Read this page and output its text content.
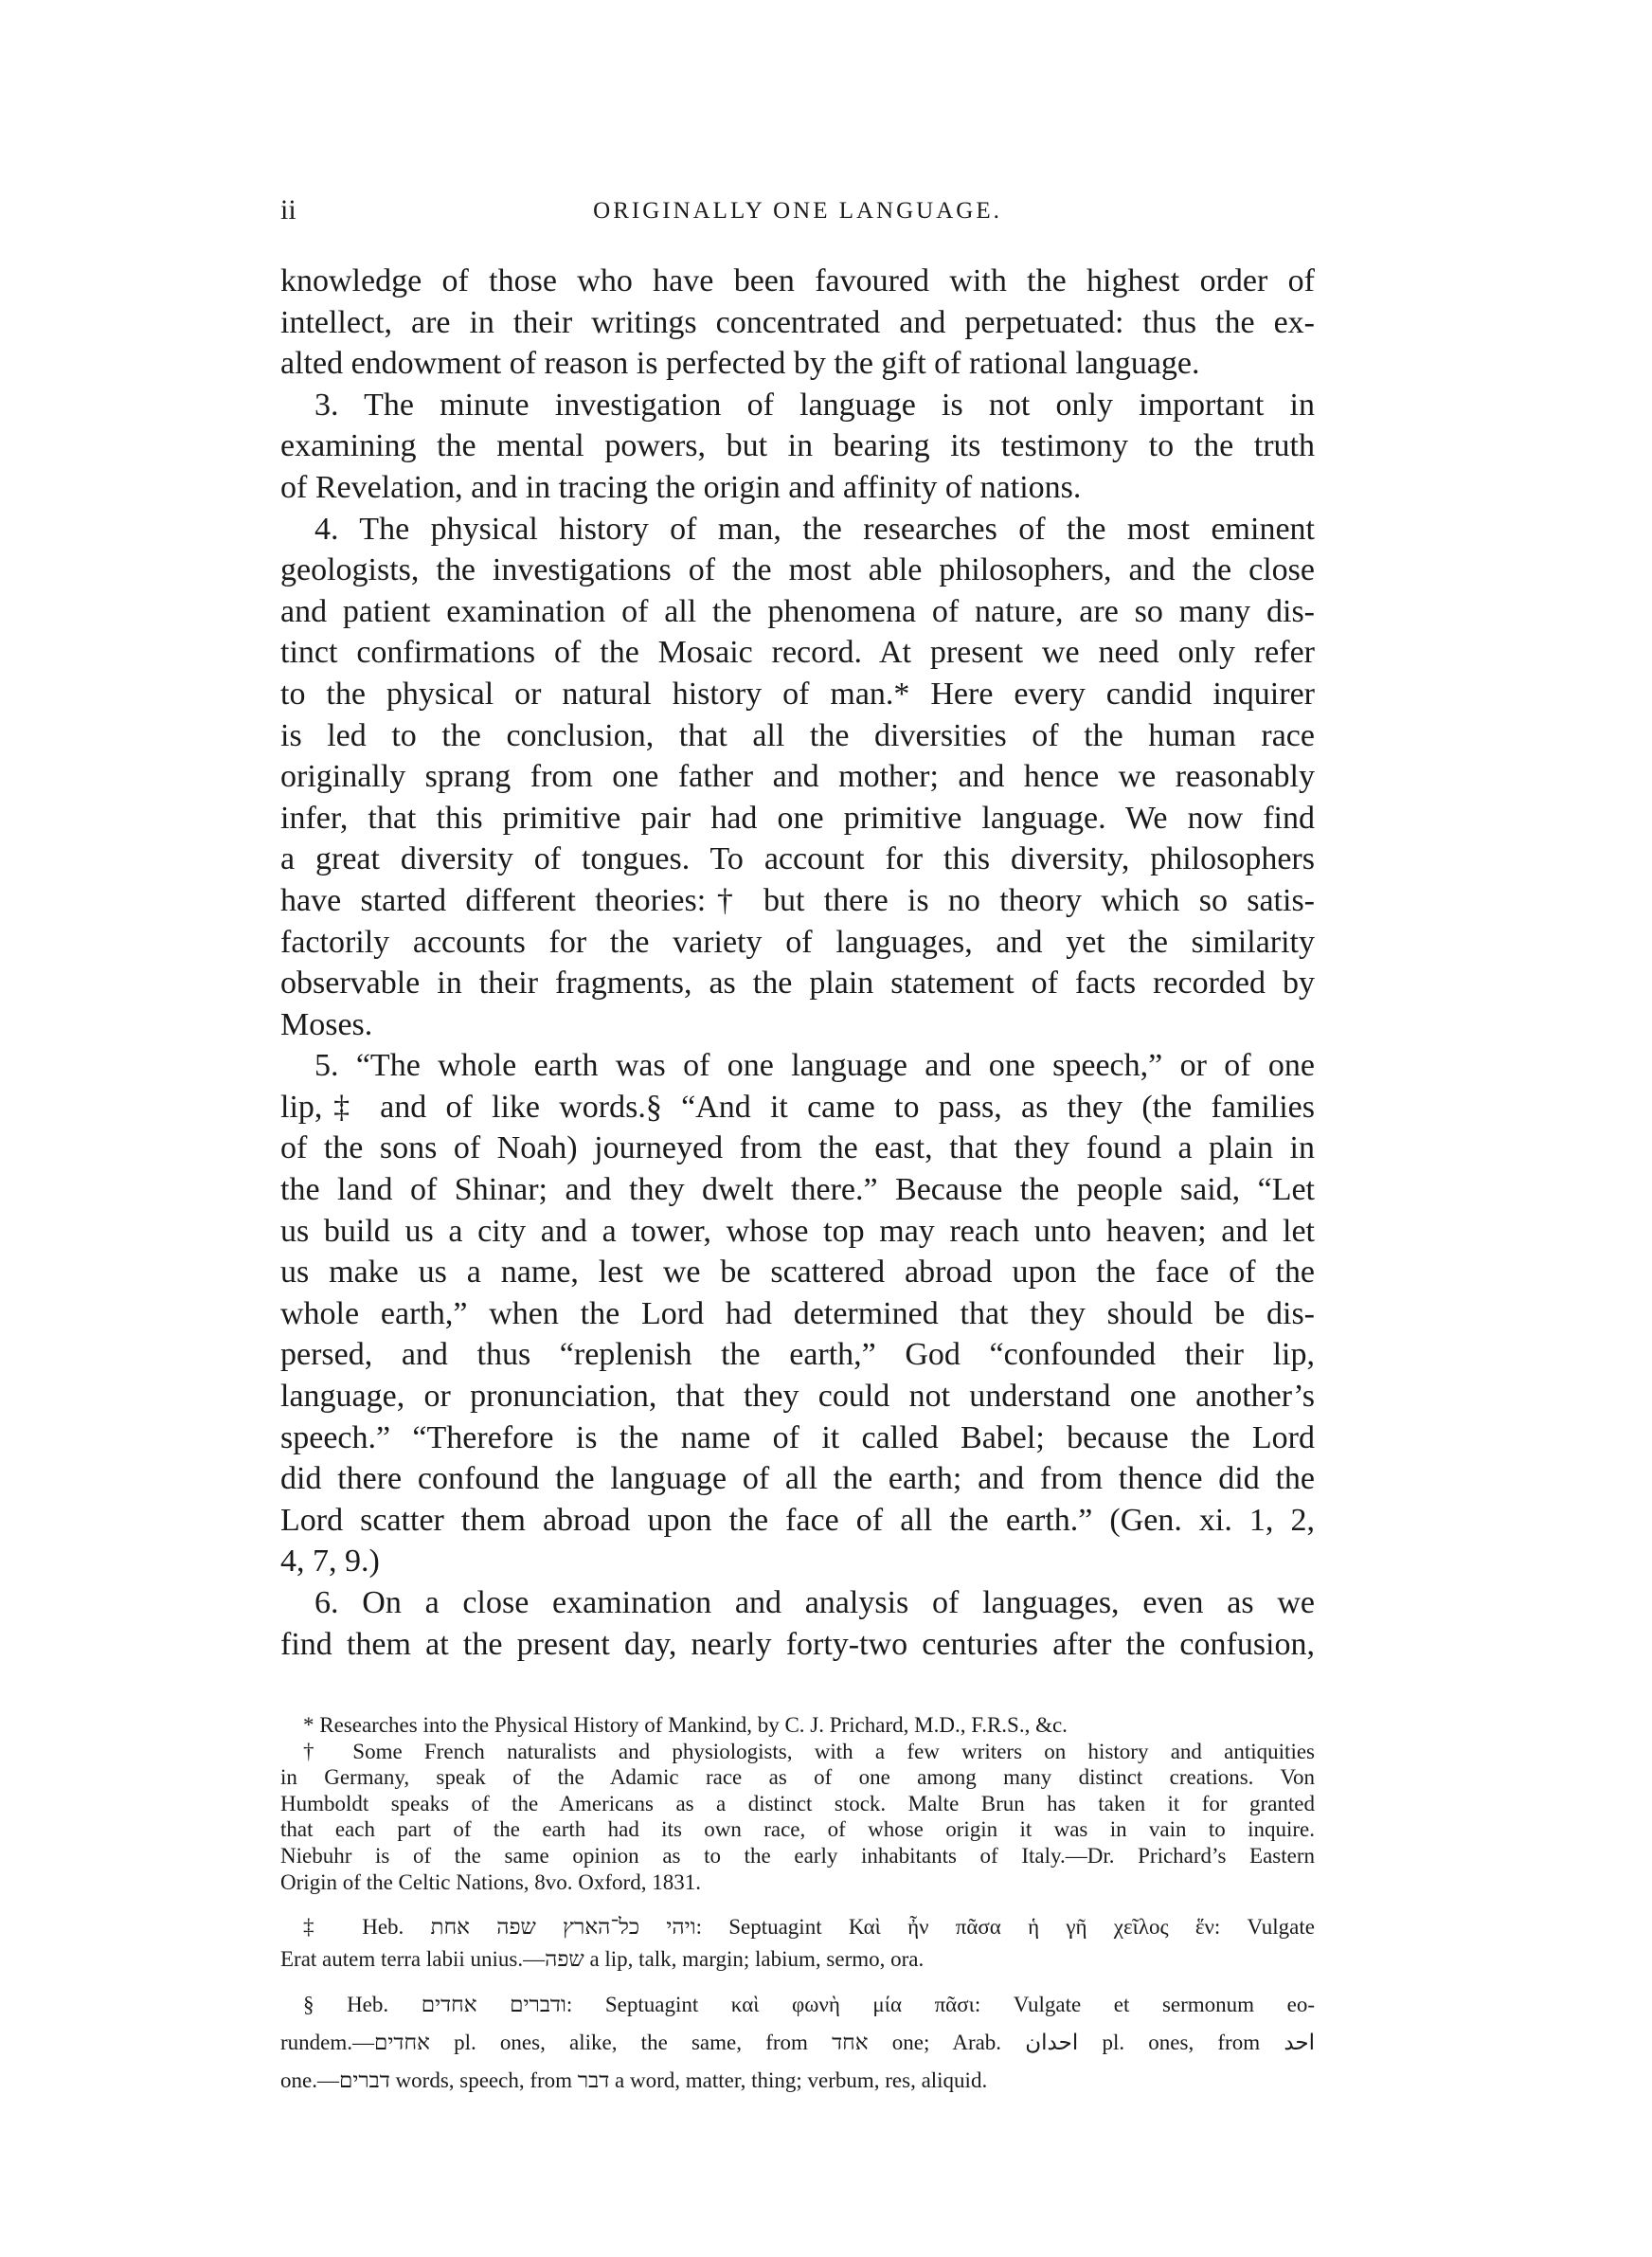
ii	ORIGINALLY ONE LANGUAGE.
knowledge of those who have been favoured with the highest order of
intellect, are in their writings concentrated and perpetuated: thus the ex-
alted endowment of reason is perfected by the gift of rational language.
3. The minute investigation of language is not only important in
examining the mental powers, but in bearing its testimony to the truth
of Revelation, and in tracing the origin and affinity of nations.
4. The physical history of man, the researches of the most eminent
geologists, the investigations of the most able philosophers, and the close
and patient examination of all the phenomena of nature, are so many dis-
tinct confirmations of the Mosaic record. At present we need only refer
to the physical or natural history of man.* Here every candid inquirer
is led to the conclusion, that all the diversities of the human race
originally sprang from one father and mother; and hence we reasonably
infer, that this primitive pair had one primitive language. We now find
a great diversity of tongues. To account for this diversity, philosophers
have started different theories:† but there is no theory which so satis-
factorily accounts for the variety of languages, and yet the similarity
observable in their fragments, as the plain statement of facts recorded by
Moses.
5. “The whole earth was of one language and one speech,” or of one
lip,‡ and of like words.§ “And it came to pass, as they (the families
of the sons of Noah) journeyed from the east, that they found a plain in
the land of Shinar; and they dwelt there.” Because the people said, “Let
us build us a city and a tower, whose top may reach unto heaven; and let
us make us a name, lest we be scattered abroad upon the face of the
whole earth,” when the Lord had determined that they should be dis-
persed, and thus “replenish the earth,” God “confounded their lip,
language, or pronunciation, that they could not understand one another’s
speech.” “Therefore is the name of it called Babel; because the Lord
did there confound the language of all the earth; and from thence did the
Lord scatter them abroad upon the face of all the earth.” (Gen. xi. 1, 2,
4, 7, 9.)
6. On a close examination and analysis of languages, even as we
find them at the present day, nearly forty-two centuries after the confusion,
* Researches into the Physical History of Mankind, by C. J. Prichard, M.D., F.R.S., &c.
† Some French naturalists and physiologists, with a few writers on history and antiquities
in Germany, speak of the Adamic race as of one among many distinct creations. Von
Humboldt speaks of the Americans as a distinct stock. Malte Brun has taken it for granted
that each part of the earth had its own race, of whose origin it was in vain to inquire.
Niebuhr is of the same opinion as to the early inhabitants of Italy.—Dr. Prichard’s Eastern
Origin of the Celtic Nations, 8vo. Oxford, 1831.
‡ Heb. ויהי כל־הארץ שפה אחת: Septuagint Καὶ ἦν πᾶσα ἡ γῆ χεῖλος ἕν: Vulgate
Erat autem terra labii unius.—שפה a lip, talk, margin; labium, sermo, ora.
§ Heb. ודברים אחדים: Septuagint καὶ φωνὴ μία πᾶσι: Vulgate et sermonum eo-
rundem.—אחדים pl. ones, alike, the same, from אחד one; Arab. احدان pl. ones, from احد
one.—דברים words, speech, from דבר a word, matter, thing; verbum, res, aliquid.
